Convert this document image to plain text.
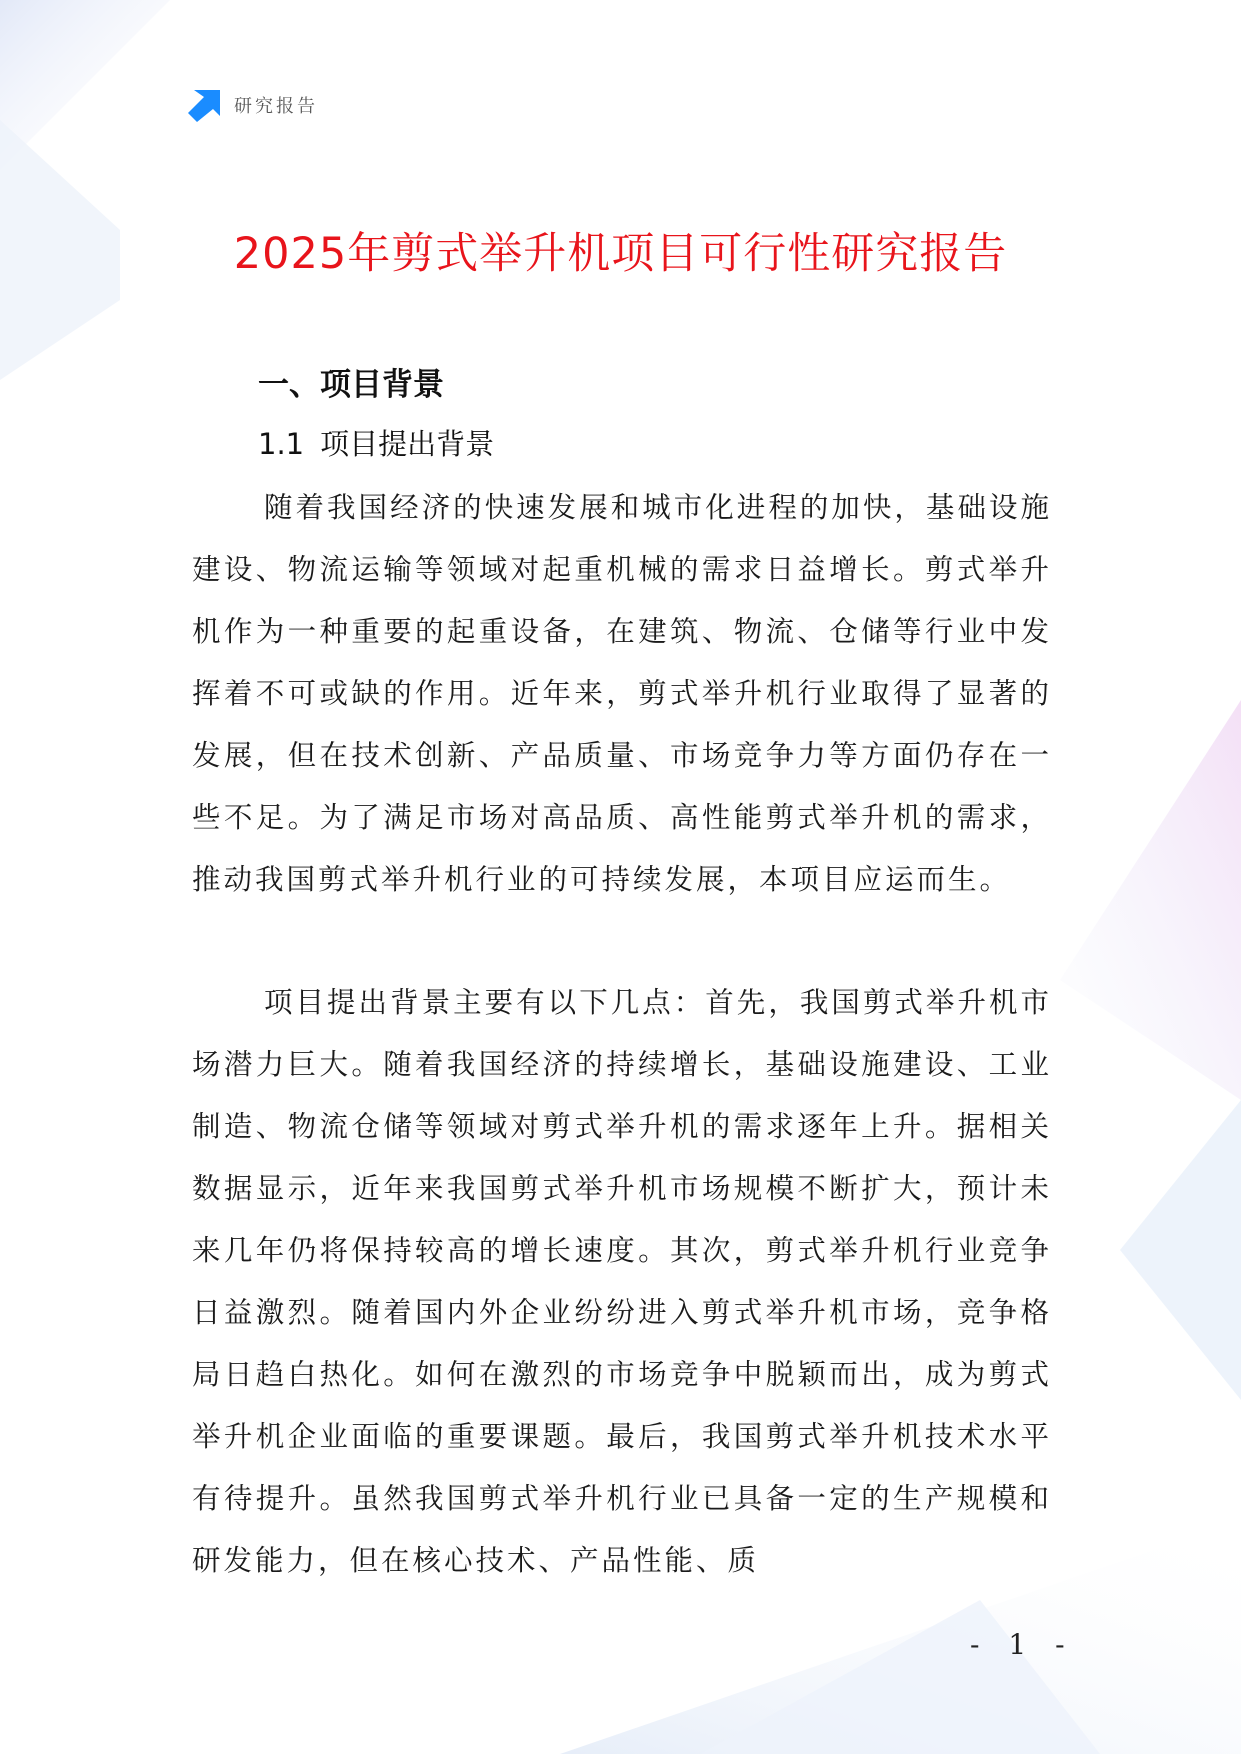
研究报告
2025年剪式举升机项目可行性研究报告
一、项目背景
1.1 项目提出背景

随着我国经济的快速发展和城市化进程的加快，基础设施建设、物流运输等领域对起重机械的需求日益增长。剪式举升机作为一种重要的起重设备，在建筑、物流、仓储等行业中发挥着不可或缺的作用。近年来，剪式举升机行业取得了显著的发展，但在技术创新、产品质量、市场竞争力等方面仍存在一些不足。为了满足市场对高品质、高性能剪式举升机的需求，推动我国剪式举升机行业的可持续发展，本项目应运而生。

项目提出背景主要有以下几点：首先，我国剪式举升机市场潜力巨大。随着我国经济的持续增长，基础设施建设、工业制造、物流仓储等领域对剪式举升机的需求逐年上升。据相关数据显示，近年来我国剪式举升机市场规模不断扩大，预计未来几年仍将保持较高的增长速度。其次，剪式举升机行业竞争日益激烈。随着国内外企业纷纷进入剪式举升机市场，竞争格局日趋白热化。如何在激烈的市场竞争中脱颖而出，成为剪式举升机企业面临的重要课题。最后，我国剪式举升机技术水平有待提升。虽然我国剪式举升机行业已具备一定的生产规模和研发能力，但在核心技术、产品性能、质

- 1 -
